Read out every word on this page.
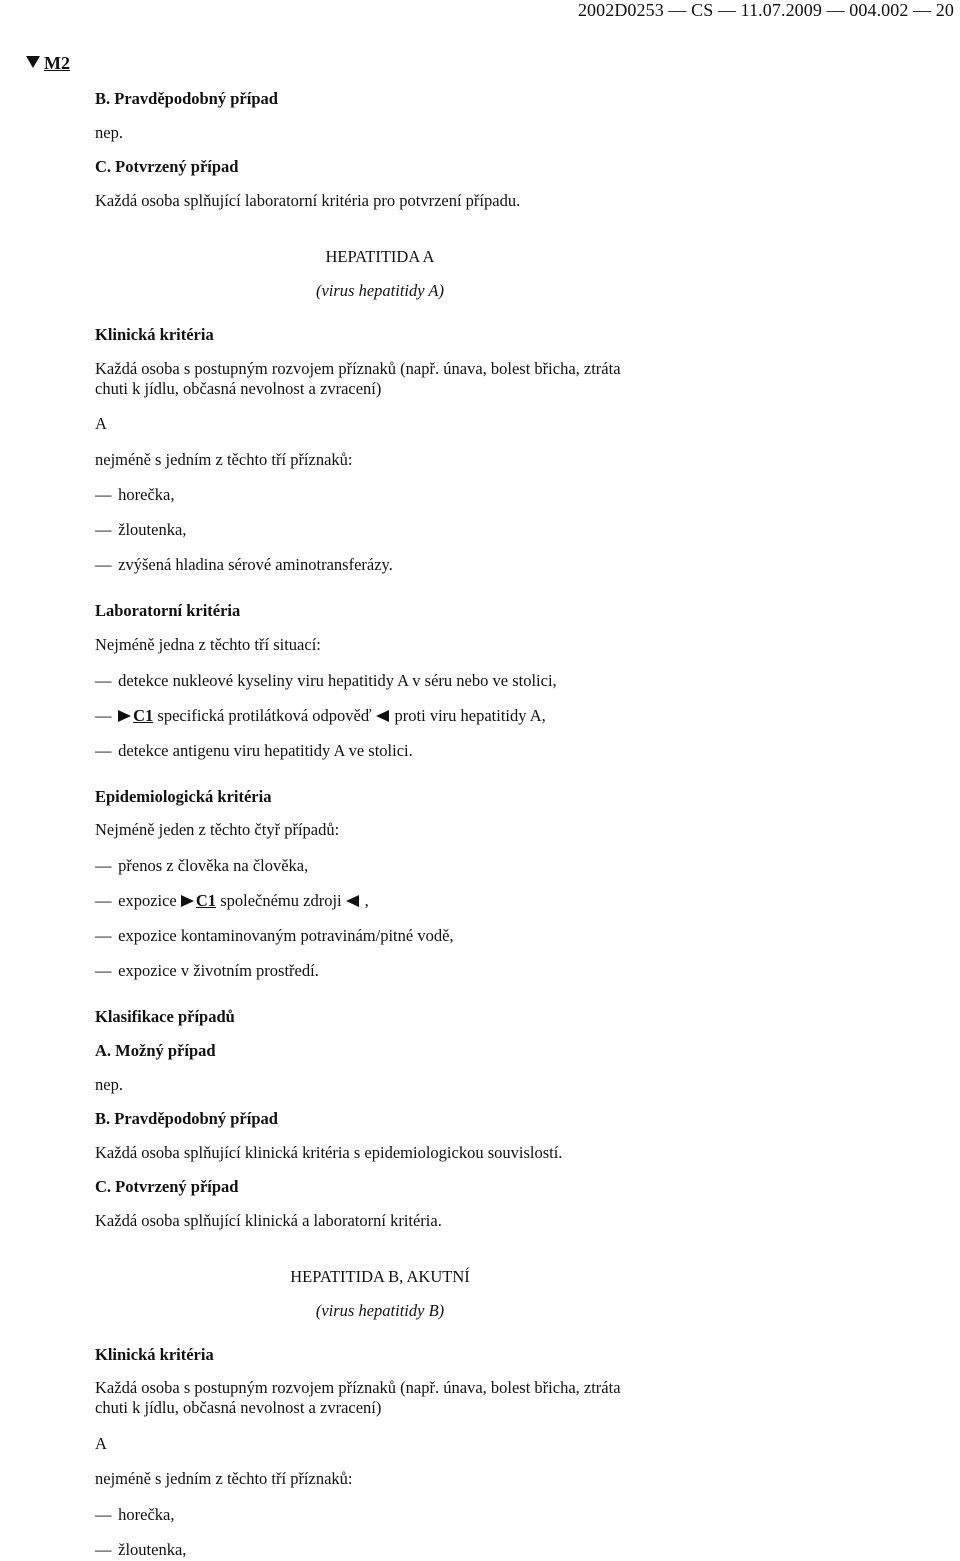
2002D0253 — CS — 11.07.2009 — 004.002 — 20
M2
B. Pravděpodobný případ
nep.
C. Potvrzený případ
Každá osoba splňující laboratorní kritéria pro potvrzení případu.
HEPATITIDA A
(virus hepatitidy A)
Klinická kritéria
Každá osoba s postupným rozvojem příznaků (např. únava, bolest břicha, ztráta
chuti k jídlu, občasná nevolnost a zvracení)
A
nejméně s jedním z těchto tří příznaků:
— horečka,
— žloutenka,
— zvýšená hladina sérové aminotransferázy.
Laboratorní kritéria
Nejméně jedna z těchto tří situací:
— detekce nukleové kyseliny viru hepatitidy A v séru nebo ve stolici,
— C1 specifická protilátková odpověď proti viru hepatitidy A,
— detekce antigenu viru hepatitidy A ve stolici.
Epidemiologická kritéria
Nejméně jeden z těchto čtyř případů:
— přenos z člověka na člověka,
— expozice C1 společnému zdroji ,
— expozice kontaminovaným potravinám/pitné vodě,
— expozice v životním prostředí.
Klasifikace případů
A. Možný případ
nep.
B. Pravděpodobný případ
Každá osoba splňující klinická kritéria s epidemiologickou souvislostí.
C. Potvrzený případ
Každá osoba splňující klinická a laboratorní kritéria.
HEPATITIDA B, AKUTNÍ
(virus hepatitidy B)
Klinická kritéria
Každá osoba s postupným rozvojem příznaků (např. únava, bolest břicha, ztráta
chuti k jídlu, občasná nevolnost a zvracení)
A
nejméně s jedním z těchto tří příznaků:
— horečka,
— žloutenka,
